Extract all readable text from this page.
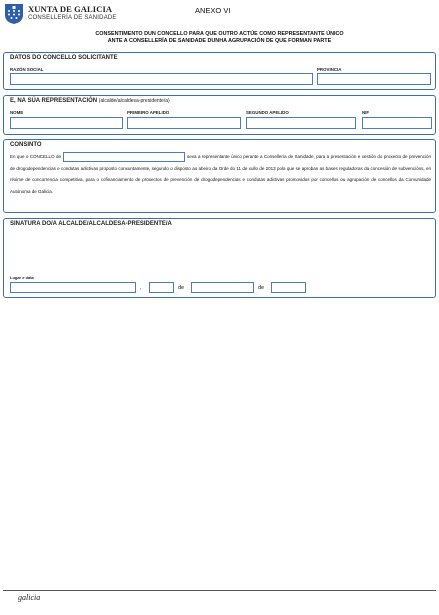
XUNTA DE GALICIA
CONSELLERÍA DE SANIDADE
ANEXO VI
CONSENTIMENTO DUN CONCELLO PARA QUE OUTRO ACTÚE COMO REPRESENTANTE ÚNICO
ANTE A CONSELLERÍA DE SANIDADE DUNHA AGRUPACIÓN DE QUE FORMAN PARTE
DATOS DO CONCELLO SOLICITANTE
RAZÓN SOCIAL	PROVINCIA
E, NA SÚA REPRESENTACIÓN (alcalde/alcaldesa-presidente/a)
NOME	PRIMEIRO APELIDO	SEGUNDO APELIDO	NIF
CONSINTO
En que o CONCELLO de	sexa a representante único perante a Consellería de Sanidade, para a presentación e xestión do proxecto de prevención de drogodependencias e condutas adictivas proposto conxuntamente, segundo o disposto ao abeiro da Orde do 11 de xullo de 2013 pola que se aproban as bases reguladoras da concesión de subvencións, en réxime de concorrencia competitiva, para o cofinanciamento de proxectos de prevención de drogodependencias e condutas adictivas promovidos por concellos ou agrupación de concellos da Comunidade Autónoma de Galicia.
SINATURA DO/A ALCALDE/ALCALDESA-PRESIDENTE/A
Lugar e data
,	de	de
galicia
